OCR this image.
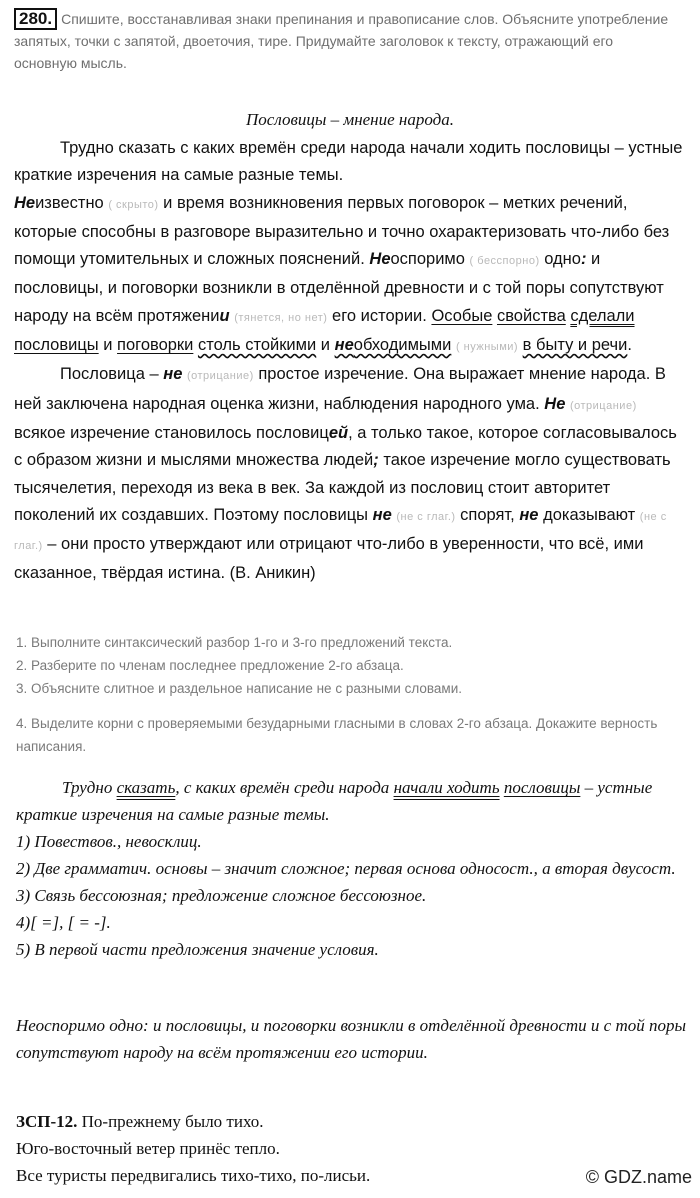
280. Спишите, восстанавливая знаки препинания и правописание слов. Объясните употребление запятых, точки с запятой, двоеточия, тире. Придумайте заголовок к тексту, отражающий его основную мысль.
Пословицы – мнение народа.

Трудно сказать с каких времён среди народа начали ходить пословицы – устные краткие изречения на самые разные темы.

Неизвестно ( скрыто) и время возникновения первых поговорок – метких речений, которые способны в разговоре выразительно и точно охарактеризовать что-либо без помощи утомительных и сложных пояснений. Неоспоримо ( бесспорно) одно: и пословицы, и поговорки возникли в отделённой древности и с той поры сопутствуют народу на всём протяжении (тянется, но нет) его истории. Особые свойства сделали пословицы и поговорки столь стойкими и необходимыми ( нужными) в быту и речи.

Пословица – не (отрицание) простое изречение. Она выражает мнение народа. В ней заключена народная оценка жизни, наблюдения народного ума. Не (отрицание) всякое изречение становилось пословицей, а только такое, которое согласовывалось с образом жизни и мыслями множества людей; такое изречение могло существовать тысячелетия, переходя из века в век. За каждой из пословиц стоит авторитет поколений их создавших. Поэтому пословицы не (не с глаг.) спорят, не доказывают (не с глаг.) – они просто утверждают или отрицают что-либо в уверенности, что всё, ими сказанное, твёрдая истина. (В. Аникин)

1. Выполните синтаксический разбор 1-го и 3-го предложений текста.
2. Разберите по членам последнее предложение 2-го абзаца.
3. Объясните слитное и раздельное написание не с разными словами.
4. Выделите корни с проверяемыми безударными гласными в словах 2-го абзаца. Докажите верность написания.

Трудно сказать, с каких времён среди народа начали ходить пословицы – устные краткие изречения на самые разные темы.

1) Повествов., невосклиц.

2) Две грамматич. основы – значит сложное; первая основа односост., а вторая двусост.

3) Связь бессоюзная; предложение сложное бессоюзное.

4)[ =], [ = -].

5) В первой части предложения значение условия.

Неоспоримо одно: и пословицы, и поговорки возникли в отделённой древности и с той поры сопутствуют народу на всём протяжении его истории.

ЗСП-12. По-прежнему было тихо.

Юго-восточный ветер принёс тепло.

Все туристы передвигались тихо-тихо, по-лисьи.	© GDZ.name
